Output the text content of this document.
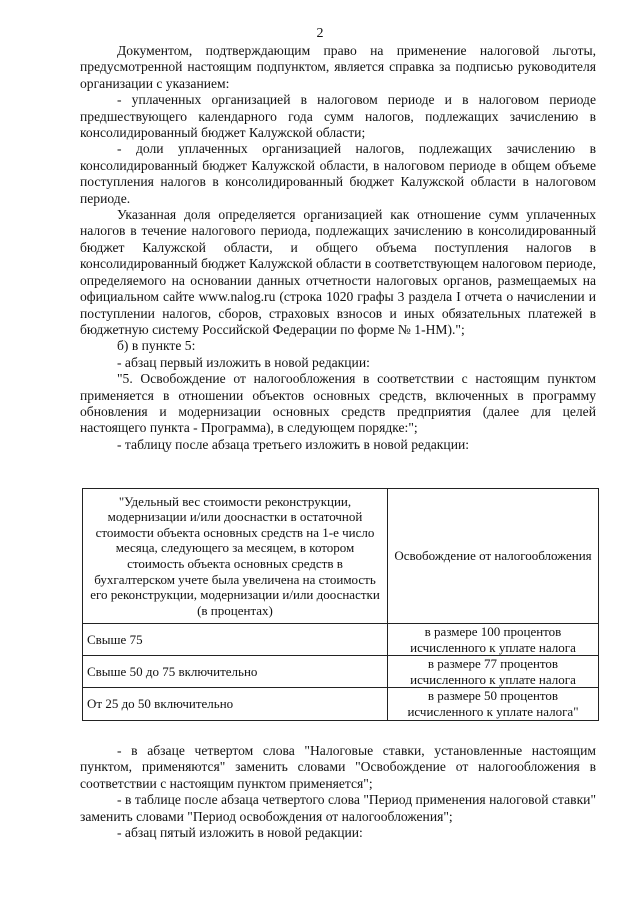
2

Документом, подтверждающим право на применение налоговой льготы, предусмотренной настоящим подпунктом, является справка за подписью руководителя организации с указанием:

- уплаченных организацией в налоговом периоде и в налоговом периоде предшествующего календарного года сумм налогов, подлежащих зачислению в консолидированный бюджет Калужской области;

- доли уплаченных организацией налогов, подлежащих зачислению в консолидированный бюджет Калужской области, в налоговом периоде в общем объеме поступления налогов в консолидированный бюджет Калужской области в налоговом периоде.

Указанная доля определяется организацией как отношение сумм уплаченных налогов в течение налогового периода, подлежащих зачислению в консолидированный бюджет Калужской области, и общего объема поступления налогов в консолидированный бюджет Калужской области в соответствующем налоговом периоде, определяемого на основании данных отчетности налоговых органов, размещаемых на официальном сайте www.nalog.ru (строка 1020 графы 3 раздела I отчета о начислении и поступлении налогов, сборов, страховых взносов и иных обязательных платежей в бюджетную систему Российской Федерации по форме № 1-НМ).";

б) в пункте 5:

- абзац первый изложить в новой редакции:

"5. Освобождение от налогообложения в соответствии с настоящим пунктом применяется в отношении объектов основных средств, включенных в программу обновления и модернизации основных средств предприятия (далее для целей настоящего пункта - Программа), в следующем порядке:";

- таблицу после абзаца третьего изложить в новой редакции:

"Удельный вес стоимости реконструкции, модернизации и/или дооснастки в остаточной стоимости объекта основных средств на 1-е число месяца, следующего за месяцем, в котором стоимость объекта основных средств в бухгалтерском учете была увеличена на стоимость его реконструкции, модернизации и/или дооснастки (в процентах)	Освобождение от налогообложения
Свыше 75	в размере 100 процентов исчисленного к уплате налога
Свыше 50 до 75 включительно	в размере 77 процентов исчисленного к уплате налога
От 25 до 50 включительно	в размере 50 процентов исчисленного к уплате налога"

- в абзаце четвертом слова "Налоговые ставки, установленные настоящим пунктом, применяются" заменить словами "Освобождение от налогообложения в соответствии с настоящим пунктом применяется";

- в таблице после абзаца четвертого слова "Период применения налоговой ставки" заменить словами "Период освобождения от налогообложения";

- абзац пятый изложить в новой редакции:
